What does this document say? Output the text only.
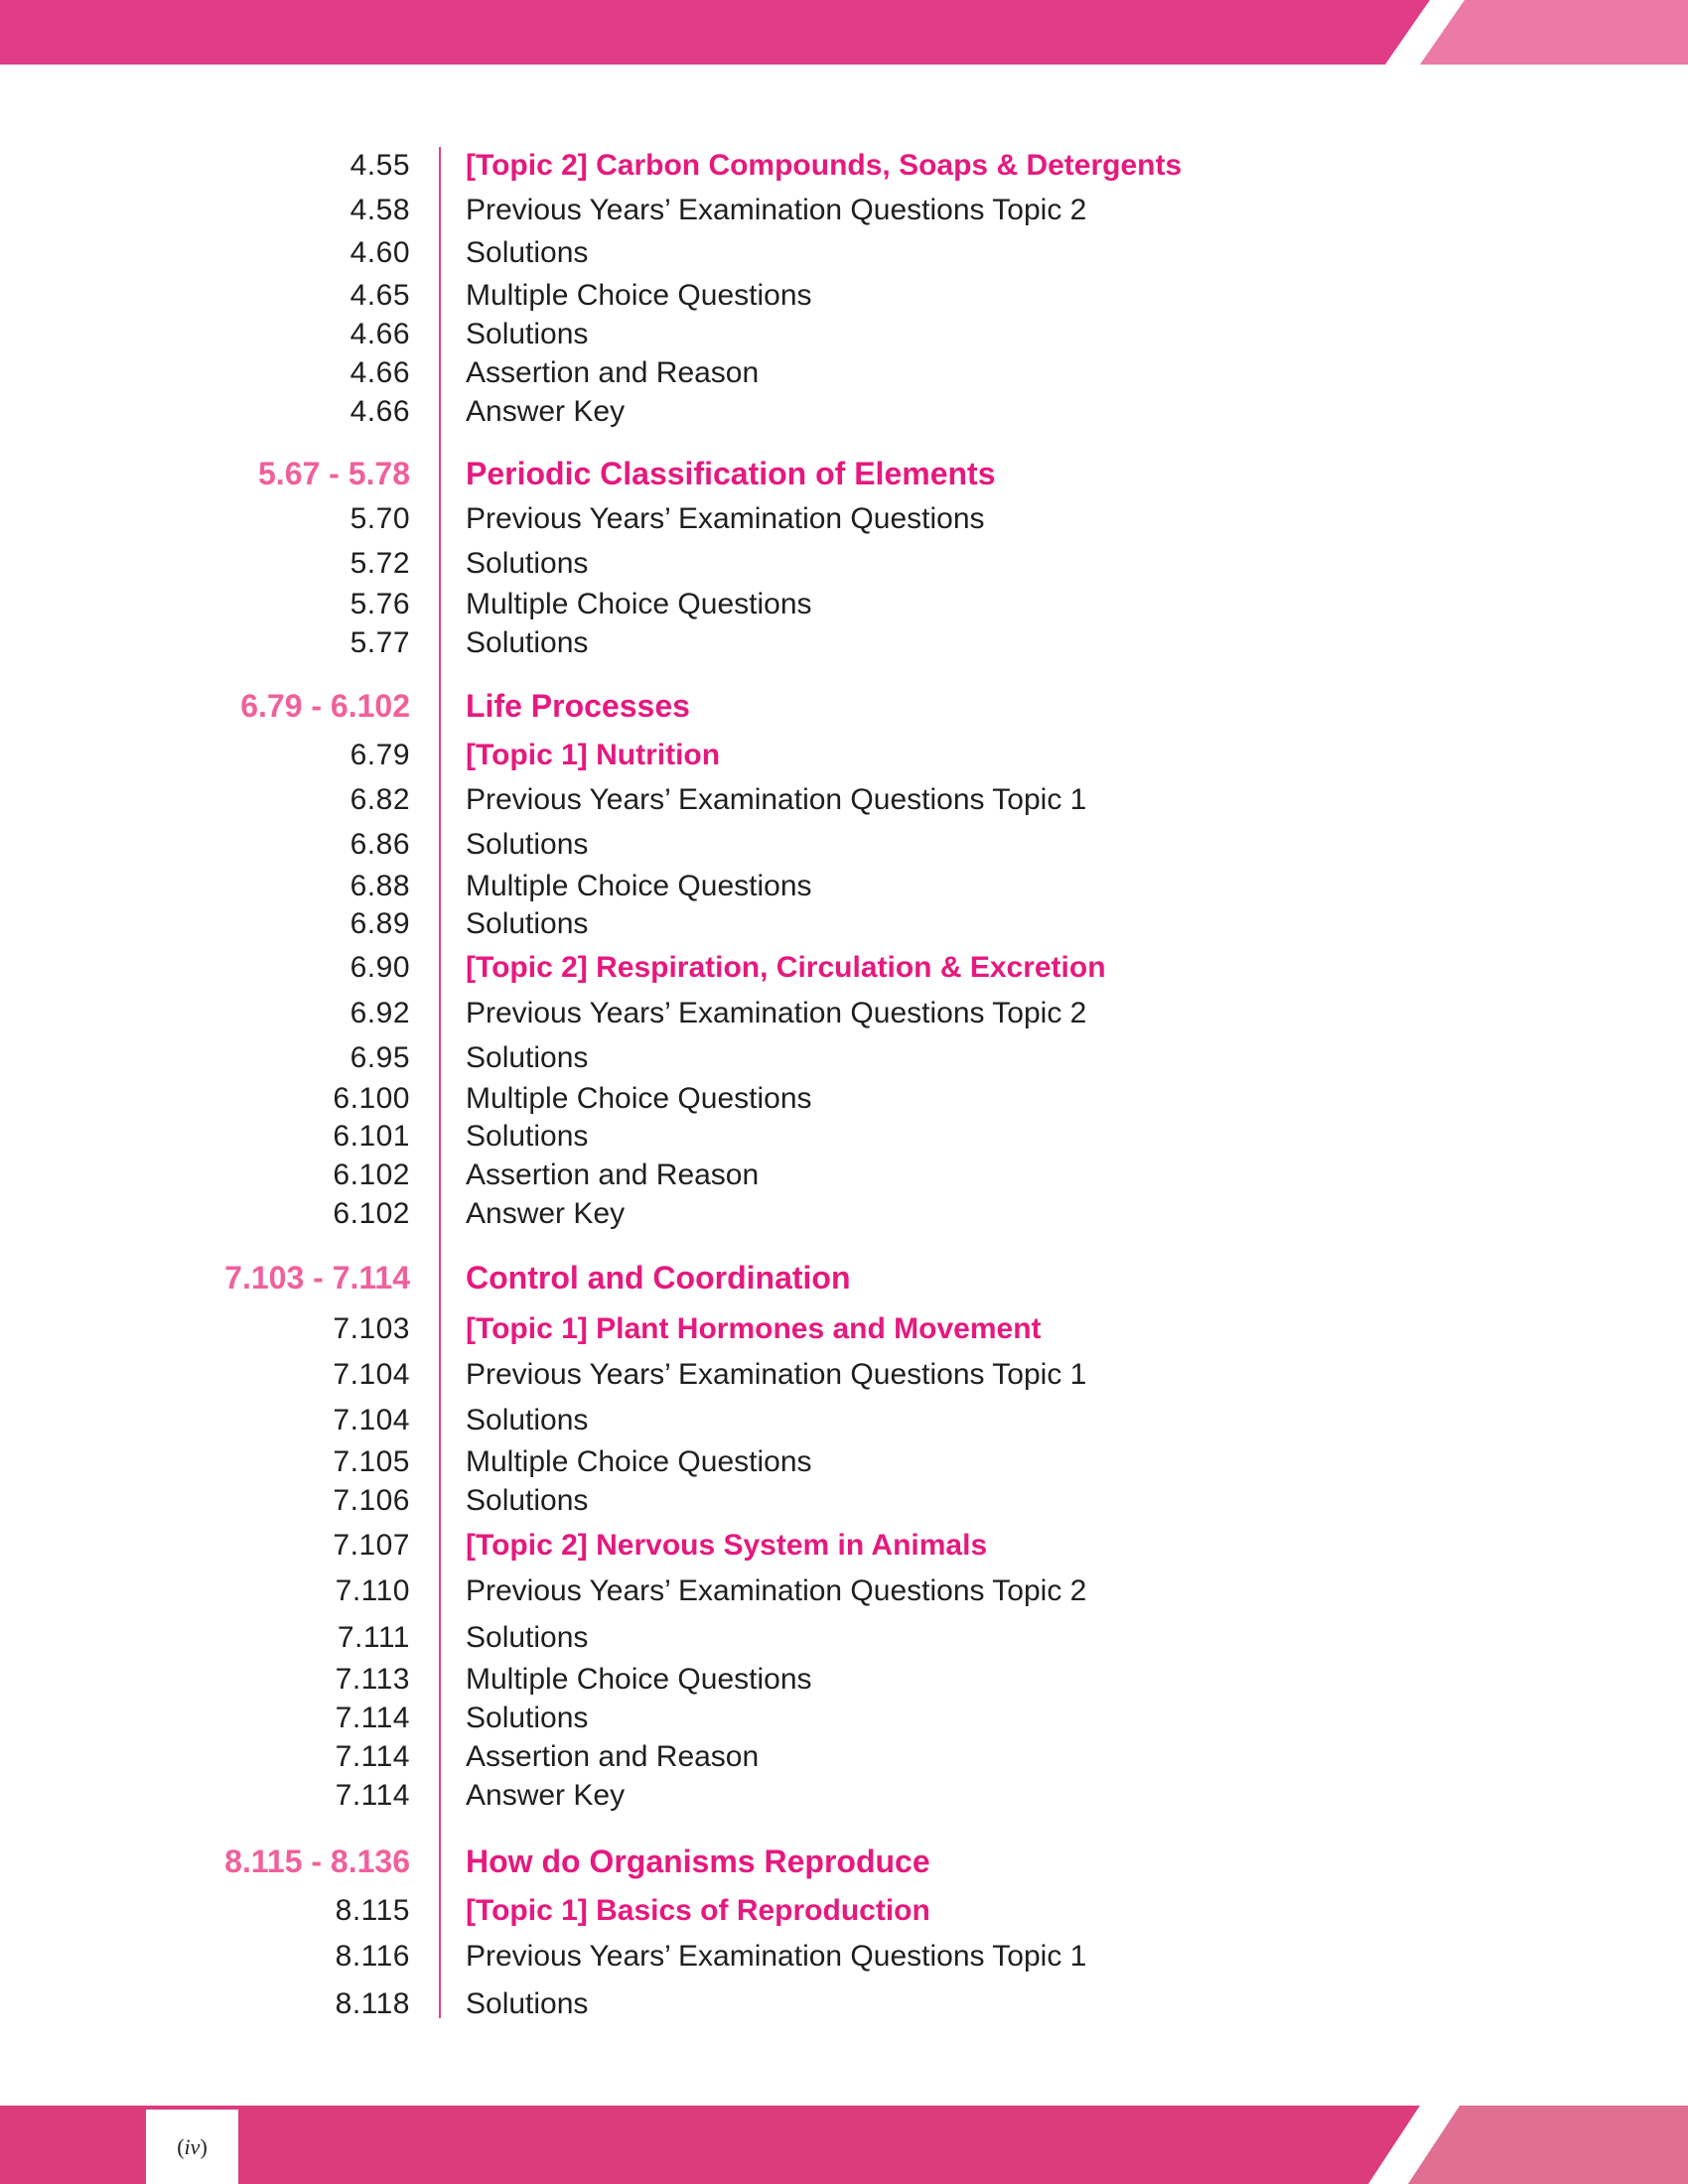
4.55 [Topic 2] Carbon Compounds, Soaps & Detergents
4.58 Previous Years’ Examination Questions Topic 2
4.60 Solutions
4.65 Multiple Choice Questions
4.66 Solutions
4.66 Assertion and Reason
4.66 Answer Key
5.67 - 5.78 Periodic Classification of Elements
5.70 Previous Years’ Examination Questions
5.72 Solutions
5.76 Multiple Choice Questions
5.77 Solutions
6.79 - 6.102 Life Processes
6.79 [Topic 1] Nutrition
6.82 Previous Years’ Examination Questions Topic 1
6.86 Solutions
6.88 Multiple Choice Questions
6.89 Solutions
6.90 [Topic 2] Respiration, Circulation & Excretion
6.92 Previous Years’ Examination Questions Topic 2
6.95 Solutions
6.100 Multiple Choice Questions
6.101 Solutions
6.102 Assertion and Reason
6.102 Answer Key
7.103 - 7.114 Control and Coordination
7.103 [Topic 1] Plant Hormones and Movement
7.104 Previous Years’ Examination Questions Topic 1
7.104 Solutions
7.105 Multiple Choice Questions
7.106 Solutions
7.107 [Topic 2] Nervous System in Animals
7.110 Previous Years’ Examination Questions Topic 2
7.111 Solutions
7.113 Multiple Choice Questions
7.114 Solutions
7.114 Assertion and Reason
7.114 Answer Key
8.115 - 8.136 How do Organisms Reproduce
8.115 [Topic 1] Basics of Reproduction
8.116 Previous Years’ Examination Questions Topic 1
8.118 Solutions
( iv )
